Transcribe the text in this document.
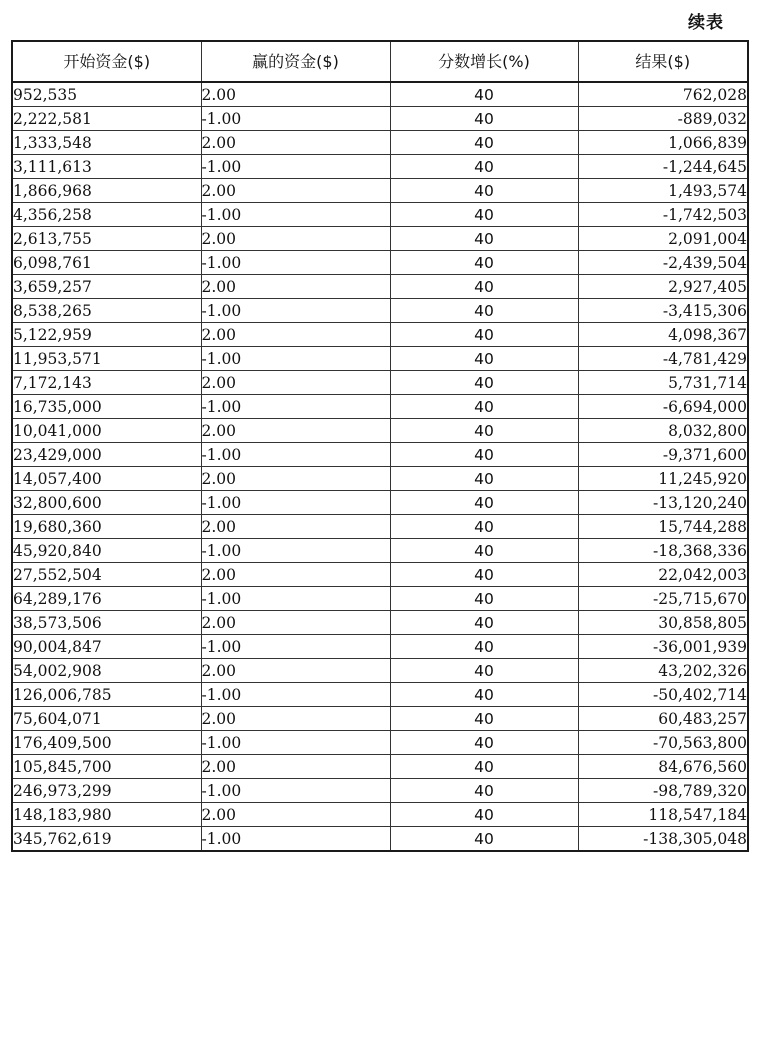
续表
开始资金($)	赢的资金($)	分数增长(%)	结果($)
952,535	2.00	40	762,028
2,222,581	-1.00	40	-889,032
1,333,548	2.00	40	1,066,839
3,111,613	-1.00	40	-1,244,645
1,866,968	2.00	40	1,493,574
4,356,258	-1.00	40	-1,742,503
2,613,755	2.00	40	2,091,004
6,098,761	-1.00	40	-2,439,504
3,659,257	2.00	40	2,927,405
8,538,265	-1.00	40	-3,415,306
5,122,959	2.00	40	4,098,367
11,953,571	-1.00	40	-4,781,429
7,172,143	2.00	40	5,731,714
16,735,000	-1.00	40	-6,694,000
10,041,000	2.00	40	8,032,800
23,429,000	-1.00	40	-9,371,600
14,057,400	2.00	40	11,245,920
32,800,600	-1.00	40	-13,120,240
19,680,360	2.00	40	15,744,288
45,920,840	-1.00	40	-18,368,336
27,552,504	2.00	40	22,042,003
64,289,176	-1.00	40	-25,715,670
38,573,506	2.00	40	30,858,805
90,004,847	-1.00	40	-36,001,939
54,002,908	2.00	40	43,202,326
126,006,785	-1.00	40	-50,402,714
75,604,071	2.00	40	60,483,257
176,409,500	-1.00	40	-70,563,800
105,845,700	2.00	40	84,676,560
246,973,299	-1.00	40	-98,789,320
148,183,980	2.00	40	118,547,184
345,762,619	-1.00	40	-138,305,048
